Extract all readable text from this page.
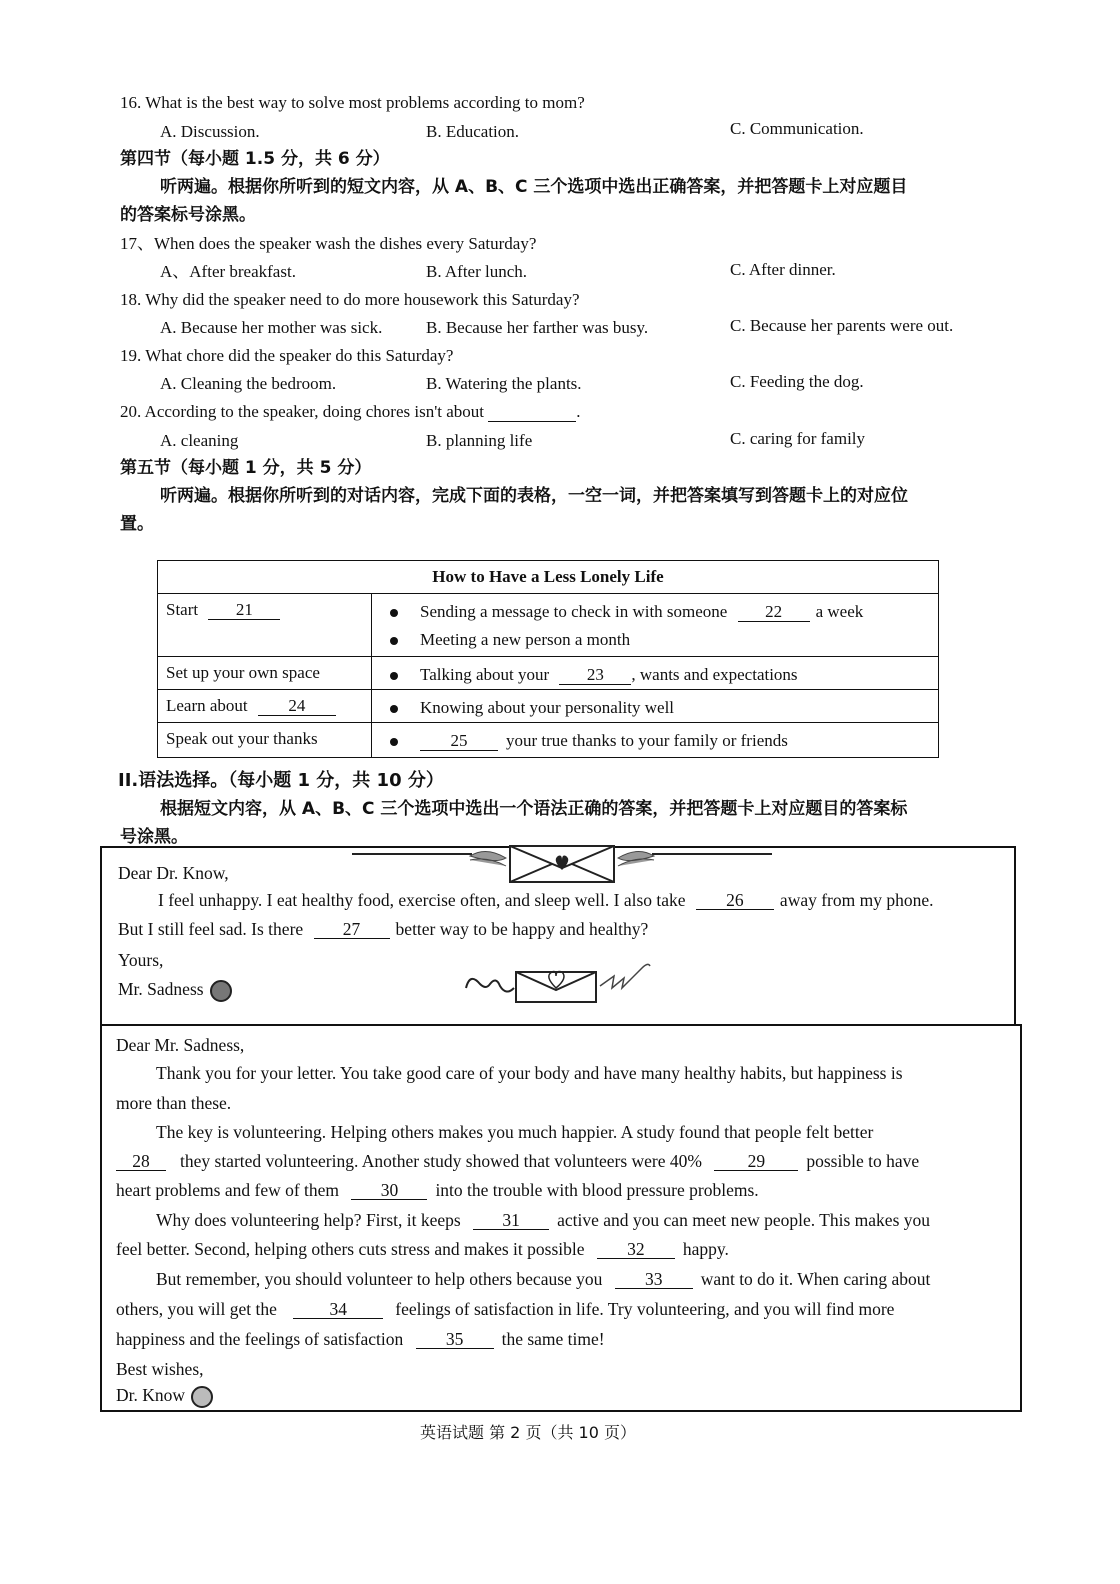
16. What is the best way to solve most problems according to mom?
A. Discussion.	B. Education.	C. Communication.
第四节（每小题 1.5 分，共 6 分）
听两遍。根据你所听到的短文内容，从 A、B、C 三个选项中选出正确答案，并把答题卡上对应题目
的答案标号涂黑。
17、When does the speaker wash the dishes every Saturday?
A、After breakfast.	B. After lunch.	C. After dinner.
18. Why did the speaker need to do more housework this Saturday?
A. Because her mother was sick.	B. Because her farther was busy.	C. Because her parents were out.
19. What chore did the speaker do this Saturday?
A. Cleaning the bedroom.	B. Watering the plants.	C. Feeding the dog.
20. According to the speaker, doing chores isn't about	.
A. cleaning	B. planning life	C. caring for family
第五节（每小题 1 分，共 5 分）
听两遍。根据你所听到的对话内容，完成下面的表格，一空一词，并把答案填写到答题卡上的对应位
置。
How to Have a Less Lonely Life
Start 21	Sending a message to check in with someone 22 a week
Meeting a new person a month
Set up your own space	Talking about your 23 , wants and expectations
Learn about 24	Knowing about your personality well
Speak out your thanks	25 your true thanks to your family or friends
II.语法选择。（每小题 1 分，共 10 分）
根据短文内容，从 A、B、C 三个选项中选出一个语法正确的答案，并把答题卡上对应题目的答案标
号涂黑。
Dear Dr. Know,
I feel unhappy. I eat healthy food, exercise often, and sleep well. I also take 26 away from my phone.
But I still feel sad. Is there 27 better way to be happy and healthy?
Yours,
Mr. Sadness
Dear Mr. Sadness,
Thank you for your letter. You take good care of your body and have many healthy habits, but happiness is
more than these.
The key is volunteering. Helping others makes you much happier. A study found that people felt better
28 they started volunteering. Another study showed that volunteers were 40%	29 possible to have
heart problems and few of them 30 into the trouble with blood pressure problems.
Why does volunteering help? First, it keeps 31 active and you can meet new people. This makes you
feel better. Second, helping others cuts stress and makes it possible 32 happy.
But remember, you should volunteer to help others because you 33 want to do it. When caring about
others, you will get the	34	feelings of satisfaction in life. Try volunteering, and you will find more
happiness and the feelings of satisfaction 35 the same time!
Best wishes,
Dr. Know
英语试题 第 2 页（共 10 页）
